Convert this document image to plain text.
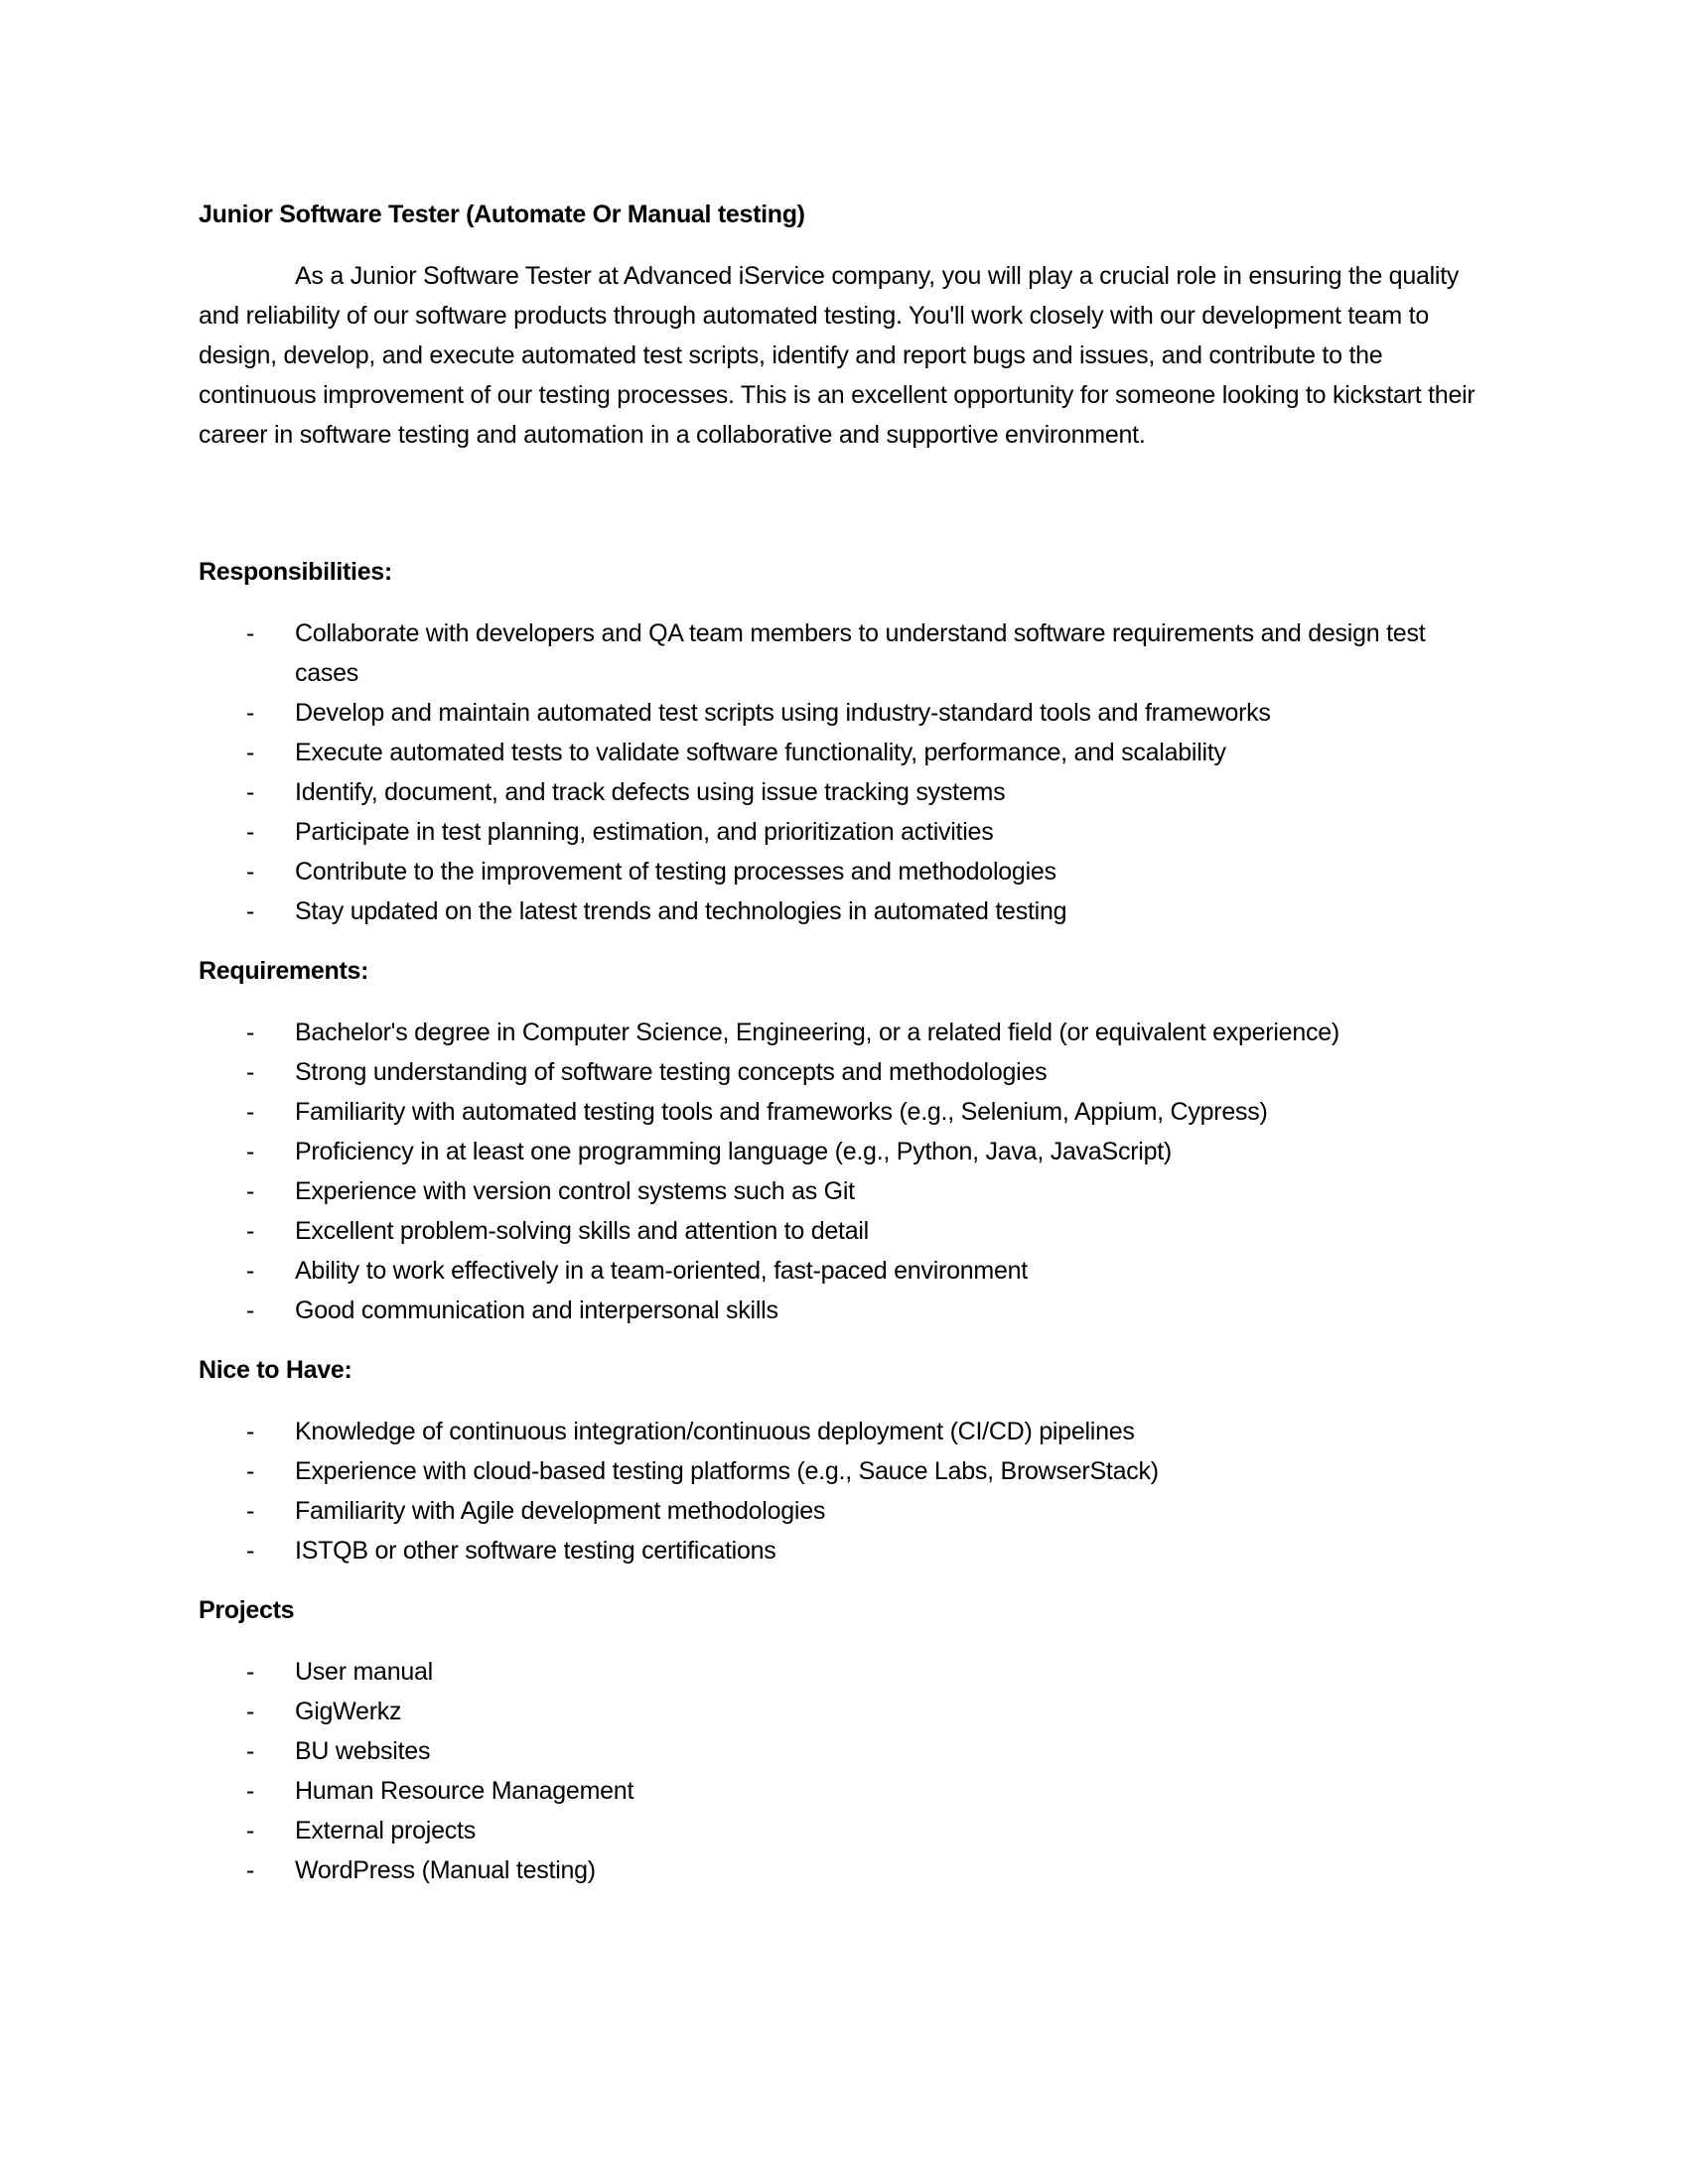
Junior Software Tester (Automate Or Manual testing)

As a Junior Software Tester at Advanced iService company, you will play a crucial role in ensuring the quality and reliability of our software products through automated testing. You'll work closely with our development team to design, develop, and execute automated test scripts, identify and report bugs and issues, and contribute to the continuous improvement of our testing processes. This is an excellent opportunity for someone looking to kickstart their career in software testing and automation in a collaborative and supportive environment.

Responsibilities:

- Collaborate with developers and QA team members to understand software requirements and design test cases
- Develop and maintain automated test scripts using industry-standard tools and frameworks
- Execute automated tests to validate software functionality, performance, and scalability
- Identify, document, and track defects using issue tracking systems
- Participate in test planning, estimation, and prioritization activities
- Contribute to the improvement of testing processes and methodologies
- Stay updated on the latest trends and technologies in automated testing

Requirements:

- Bachelor's degree in Computer Science, Engineering, or a related field (or equivalent experience)
- Strong understanding of software testing concepts and methodologies
- Familiarity with automated testing tools and frameworks (e.g., Selenium, Appium, Cypress)
- Proficiency in at least one programming language (e.g., Python, Java, JavaScript)
- Experience with version control systems such as Git
- Excellent problem-solving skills and attention to detail
- Ability to work effectively in a team-oriented, fast-paced environment
- Good communication and interpersonal skills

Nice to Have:

- Knowledge of continuous integration/continuous deployment (CI/CD) pipelines
- Experience with cloud-based testing platforms (e.g., Sauce Labs, BrowserStack)
- Familiarity with Agile development methodologies
- ISTQB or other software testing certifications

Projects

- User manual
- GigWerkz
- BU websites
- Human Resource Management
- External projects
- WordPress (Manual testing)
